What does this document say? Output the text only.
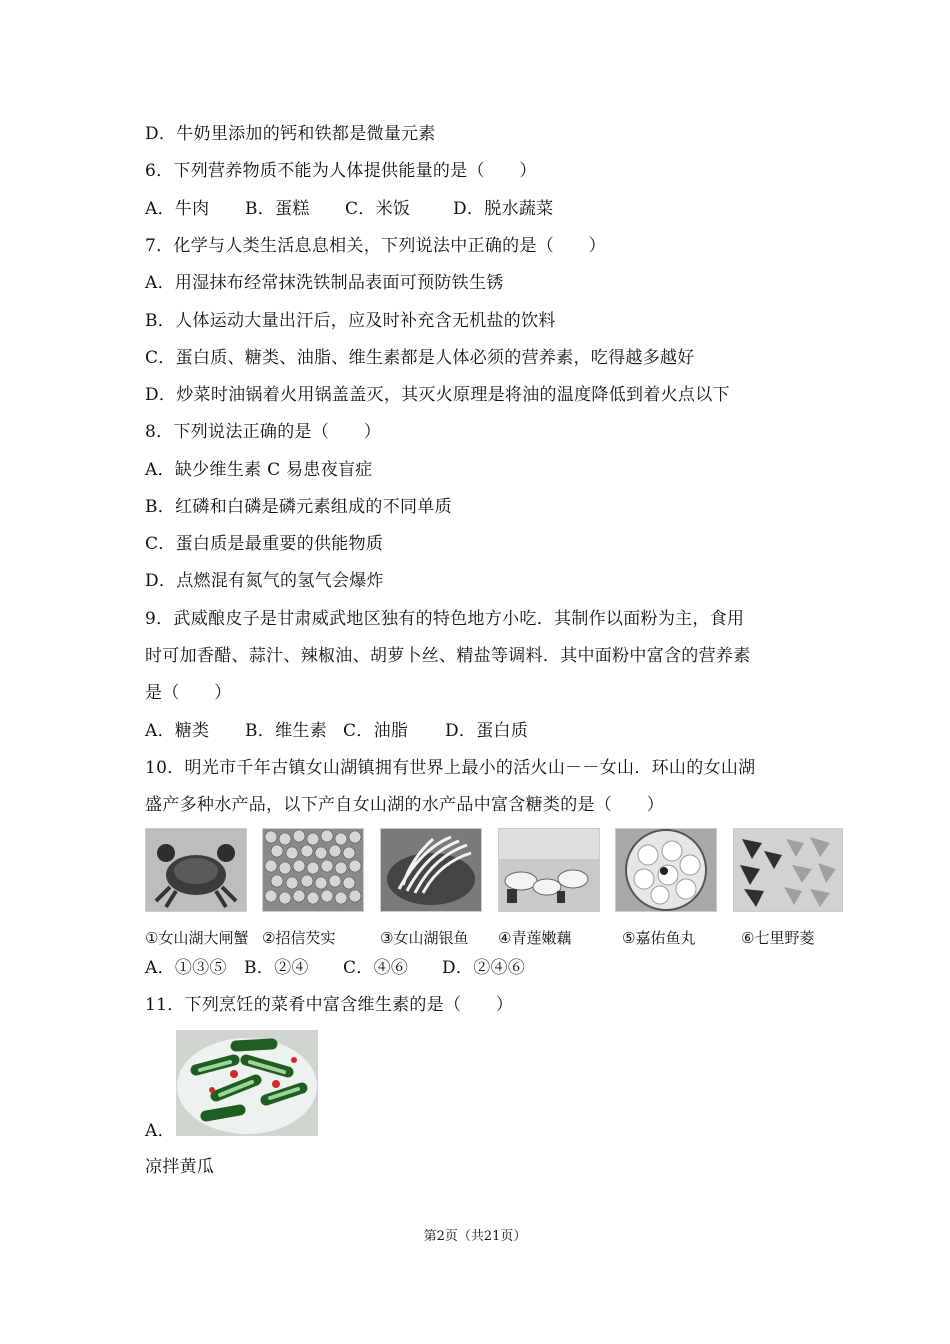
D．牛奶里添加的钙和铁都是微量元素
6．下列营养物质不能为人体提供能量的是（　　）
A．牛肉 B．蛋糕 C．米饭	D．脱水蔬菜
7．化学与人类生活息息相关，下列说法中正确的是（　　）
A．用湿抹布经常抹洗铁制品表面可预防铁生锈
B．人体运动大量出汗后，应及时补充含无机盐的饮料
C．蛋白质、糖类、油脂、维生素都是人体必须的营养素，吃得越多越好
D．炒菜时油锅着火用锅盖盖灭，其灭火原理是将油的温度降低到着火点以下
8．下列说法正确的是（　　）
A．缺少维生素 C 易患夜盲症
B．红磷和白磷是磷元素组成的不同单质
C．蛋白质是最重要的供能物质
D．点燃混有氮气的氢气会爆炸
9．武威酿皮子是甘肃威武地区独有的特色地方小吃．其制作以面粉为主，食用
时可加香醋、蒜汁、辣椒油、胡萝卜丝、精盐等调料．其中面粉中富含的营养素
是（　　）
A．糖类 B．维生素 C．油脂 D．蛋白质
10．明光市千年古镇女山湖镇拥有世界上最小的活火山－－女山．环山的女山湖
盛产多种水产品，以下产自女山湖的水产品中富含糖类的是（　　）
①女山湖大闸蟹 ②招信芡实	③女山湖银鱼 ④青莲嫩藕	⑤嘉佑鱼丸	⑥七里野菱
A．①③⑤ B．②④ C．④⑥ D．②④⑥
11．下列烹饪的菜肴中富含维生素的是（　　）
A．
凉拌黄瓜
第2页（共21页）
